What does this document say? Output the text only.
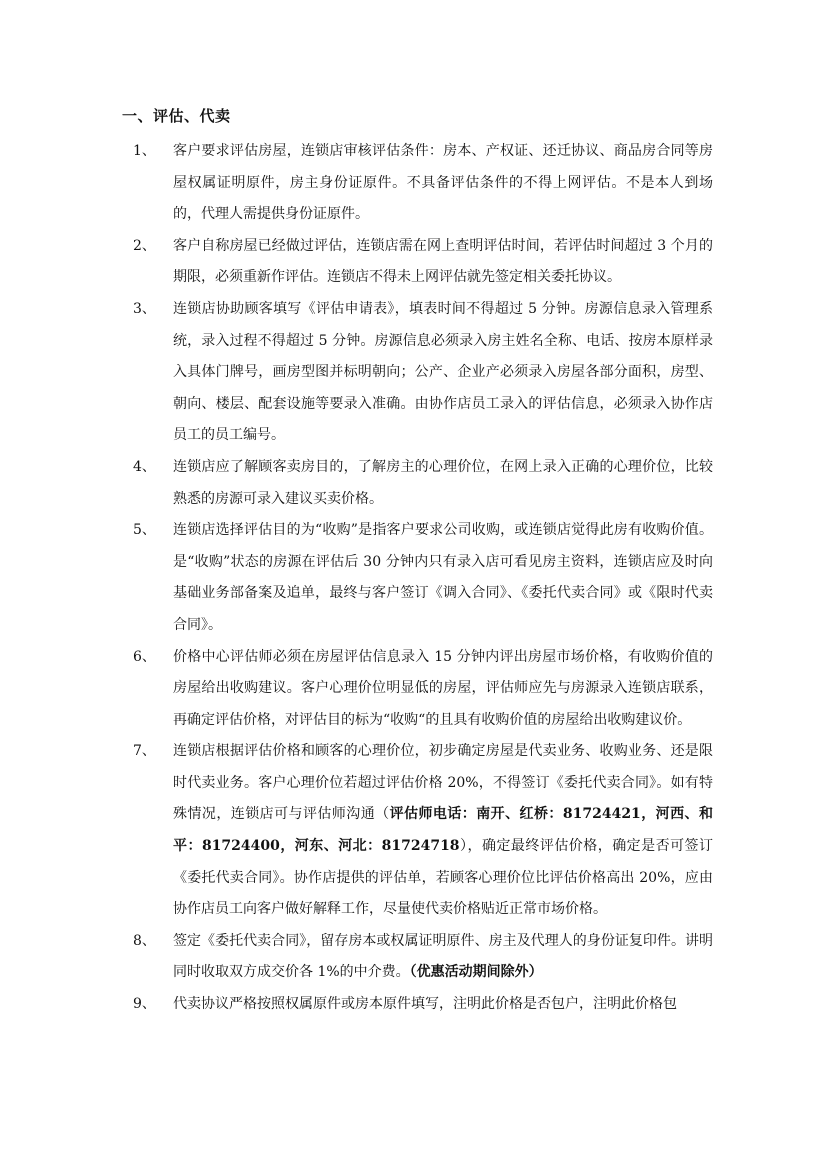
一、评估、代卖
1、 客户要求评估房屋，连锁店审核评估条件：房本、产权证、还迁协议、商品房合同等房屋权属证明原件，房主身份证原件。不具备评估条件的不得上网评估。不是本人到场的，代理人需提供身份证原件。
2、 客户自称房屋已经做过评估，连锁店需在网上查明评估时间，若评估时间超过 3 个月的期限，必须重新作评估。连锁店不得未上网评估就先签定相关委托协议。
3、 连锁店协助顾客填写《评估申请表》，填表时间不得超过 5 分钟。房源信息录入管理系统，录入过程不得超过 5 分钟。房源信息必须录入房主姓名全称、电话、按房本原样录入具体门牌号，画房型图并标明朝向；公产、企业产必须录入房屋各部分面积，房型、朝向、楼层、配套设施等要录入准确。由协作店员工录入的评估信息，必须录入协作店员工的员工编号。
4、 连锁店应了解顾客卖房目的，了解房主的心理价位，在网上录入正确的心理价位，比较熟悉的房源可录入建议买卖价格。
5、 连锁店选择评估目的为“收购”是指客户要求公司收购，或连锁店觉得此房有收购价值。是“收购”状态的房源在评估后 30 分钟内只有录入店可看见房主资料，连锁店应及时向基础业务部备案及追单，最终与客户签订《调入合同》、《委托代卖合同》或《限时代卖合同》。
6、 价格中心评估师必须在房屋评估信息录入 15 分钟内评出房屋市场价格，有收购价值的房屋给出收购建议。客户心理价位明显低的房屋，评估师应先与房源录入连锁店联系，再确定评估价格，对评估目的标为“收购“的且具有收购价值的房屋给出收购建议价。
7、 连锁店根据评估价格和顾客的心理价位，初步确定房屋是代卖业务、收购业务、还是限时代卖业务。客户心理价位若超过评估价格 20%，不得签订《委托代卖合同》。如有特殊情况，连锁店可与评估师沟通（评估师电话：南开、红桥：81724421，河西、和平：81724400，河东、河北：81724718），确定最终评估价格，确定是否可签订《委托代卖合同》。协作店提供的评估单，若顾客心理价位比评估价格高出 20%，应由协作店员工向客户做好解释工作，尽量使代卖价格贴近正常市场价格。
8、 签定《委托代卖合同》，留存房本或权属证明原件、房主及代理人的身份证复印件。讲明同时收取双方成交价各 1%的中介费。（优惠活动期间除外）
9、 代卖协议严格按照权属原件或房本原件填写，注明此价格是否包户，注明此价格包
